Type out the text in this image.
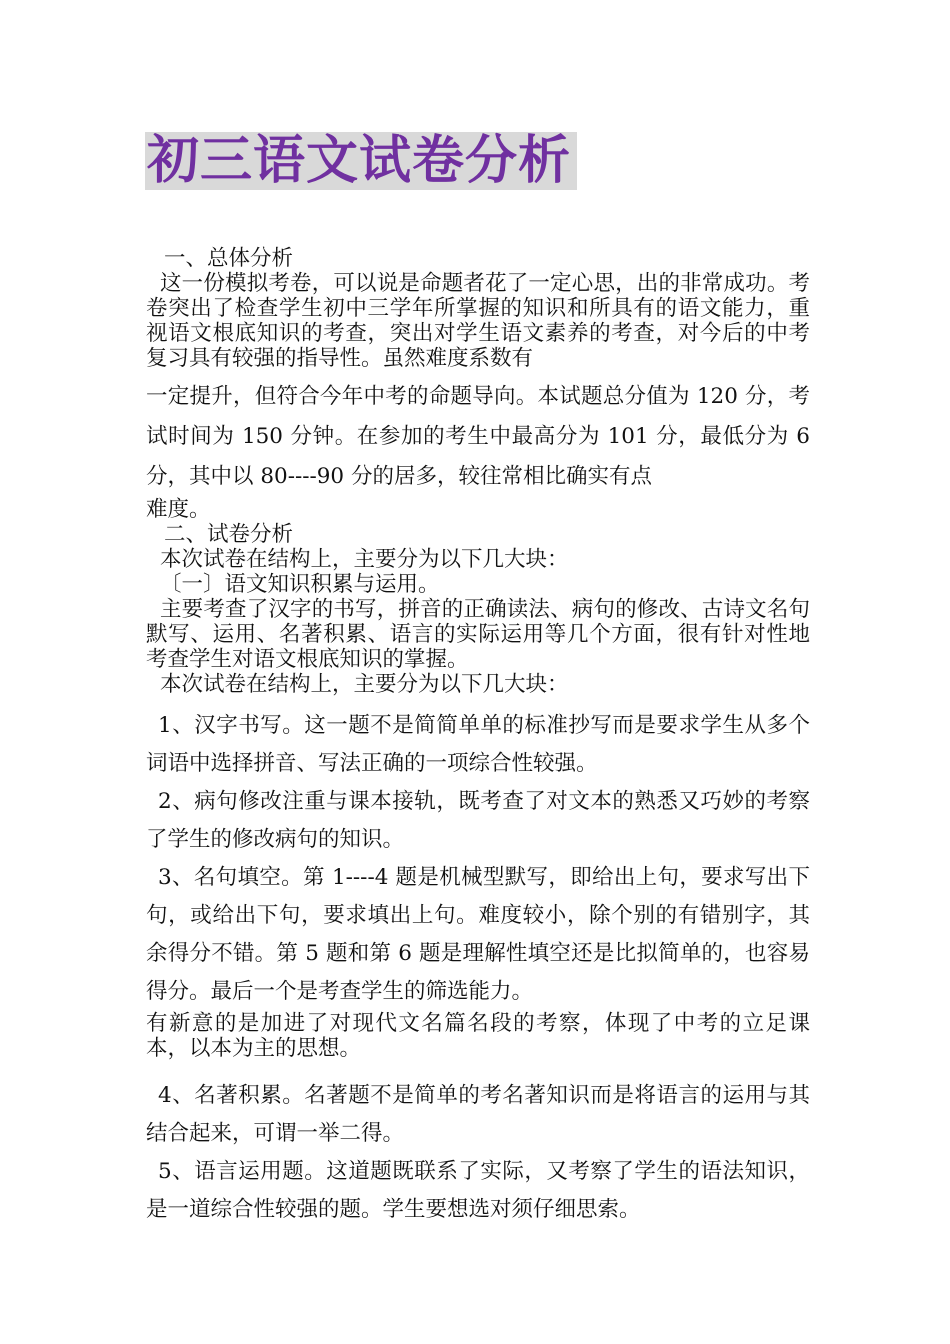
初三语文试卷分析

一、总体分析

这一份模拟考卷，可以说是命题者花了一定心思，出的非常成功。考卷突出了检查学生初中三学年所掌握的知识和所具有的语文能力，重视语文根底知识的考查，突出对学生语文素养的考查，对今后的中考复习具有较强的指导性。虽然难度系数有

一定提升，但符合今年中考的命题导向。本试题总分值为 120 分，考试时间为 150 分钟。在参加的考生中最高分为 101 分，最低分为 6 分，其中以 80----90 分的居多，较往常相比确实有点

难度。

二、试卷分析

本次试卷在结构上，主要分为以下几大块：

〔一〕语文知识积累与运用。

主要考查了汉字的书写，拼音的正确读法、病句的修改、古诗文名句默写、运用、名著积累、语言的实际运用等几个方面，很有针对性地考查学生对语文根底知识的掌握。

本次试卷在结构上，主要分为以下几大块：

1、汉字书写。这一题不是简简单单的标准抄写而是要求学生从多个词语中选择拼音、写法正确的一项综合性较强。

2、病句修改注重与课本接轨，既考查了对文本的熟悉又巧妙的考察了学生的修改病句的知识。

3、名句填空。第 1----4 题是机械型默写，即给出上句，要求写出下句，或给出下句，要求填出上句。难度较小，除个别的有错别字，其余得分不错。第 5 题和第 6 题是理解性填空还是比拟简单的，也容易得分。最后一个是考查学生的筛选能力。

有新意的是加进了对现代文名篇名段的考察，体现了中考的立足课本，以本为主的思想。

4、名著积累。名著题不是简单的考名著知识而是将语言的运用与其结合起来，可谓一举二得。

5、语言运用题。这道题既联系了实际，又考察了学生的语法知识，是一道综合性较强的题。学生要想选对须仔细思索。
